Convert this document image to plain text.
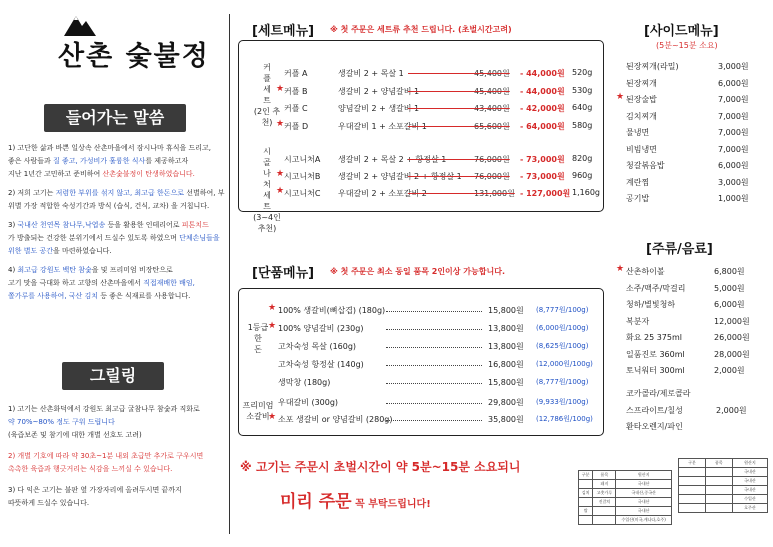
산촌 숯불정
들어가는 말씀
1) 고단한 삶과 바쁜 일상속 산촌마을에서 잠시나마 휴식을 드리고,
좋은 사람들과 질 좋고, 가성비가 훌륭한 식사를 제공하고자
지난 1년간 고민하고 준비하여 산촌숯불정이 탄생하였습니다.
2) 저희 고기는 저렴한 부위를 섞지 않고, 최고급 한돈으로 선별하여, 부
위별 가장 적합한 숙성기간과 방식 (습식, 건식, 교차) 을 거칩니다.
3) 국내산 천연목 참나무,낙엽송 등을 활용한 인테리어로 피톤치드
가 방출되는 건강한 분위기에서 드실수 있도록 하였으며 단체손님들을
위한 별도 공간을 마련하였습니다.
4) 최고급 강원도 백탄 참숯을 및 프리미엄 비장탄으로
고기 맛을 극대화 하고 고향의 산촌마을에서 직접재배한 배임,
쫄가루를 사용하여, 국산 김치 등 좋은 식재료를 사용합니다.
그릴링
1) 고기는 산촌화덕에서 강원도 최고급 굴참나무 참숯과 직화로
약 70%~80% 정도 구워 드립니다
(육즙보존 및 참기에 대한 개별 선호도 고려)
2) 개별 기호에 따라 약 30초~1분 내외 초급만 추가로 구우시면
촉촉한 육즙과 행긋거리는 식감을 느끼실 수 있습니다.
3) 다 익은 고기는 불판 옆 가장자리에 올려두시면 끝까지
따뜻하게 드실수 있습니다.
[세트메뉴] ※ 첫 주문은 세트류 추천 드립니다. (초벌시간고려)
커
플
세
트
(2인 추천)
시
골
나
처
세
트
(3~4인
추천)
커플 A	생갈비 2 + 목살 1	45,400원 - 44,000원 520g
★ 커플 B	생갈비 2 + 양념갈비 1	45,400원 - 44,000원 530g
커플 C	양념갈비 2 + 생갈비 1	43,400원 - 42,000원 640g
★ 커플 D	우대갈비 1 + 소포갈비 1	65,600원 - 64,000원 580g
시고니처A 생갈비 2 + 목살 2 + 항정살 1	76,000원 - 73,000원 820g
★ 시고니처B 생갈비 2 + 양념갈비 2 + 항정살 1 76,000원 - 73,000원 960g
★ 시고니처C 우대갈비 2 + 소포갈비 2	131,000원 - 127,000원 1,160g
[단품메뉴] ※ 첫 주문은 최소 동일 품목 2인이상 가능합니다.
1등급
한
돈
프리미엄
소갈비
★ 100% 생갈비(뼈삽겹) (180g)	15,800원 (8,777원/100g)
★ 100% 양념갈비 (230g)	13,800원 (6,000원/100g)
고차숙성 목살 (160g)	13,800원 (8,625원/100g)
고차숙성 항정살 (140g)	16,800원 (12,000원/100g)
생막창 (180g)	15,800원 (8,777원/100g)
우대갈비 (300g)	29,800원 (9,933원/100g)
★ 소포 생갈비 or 양념갈비 (280g)	35,800원 (12,786원/100g)
※ 고기는 주문시 초벌시간이 약 5분~15분 소요되니
미리 주문 꼭 부탁드립니다!
[사이드메뉴]
(5분~15분 소요)
된장찌개(라밀)	3,000원
된장찌개	6,000원
★ 된장술밥	7,000원
김치찌개	7,000원
물냉면	7,000원
비빔냉면	7,000원
청갈볶음밥	6,000원
계란찜	3,000원
공기밥	1,000원
[주류/음료]
★ 산촌하이볼	6,800원
소주/맥주/막걸리	5,000원
청하/별빛청하	6,000원
복분자	12,000원
화요 25 375ml	26,000원
일품진로 360ml	28,000원
토닉워터 300ml	2,000원
코카콜라/제로콜라
스프라이트/칠성	2,000원
환타오렌지/파인
구분	품목	원산지
	돼지	국내산
김치	고춧가루	국내산,중국산
	진갈치	국내산
쌀		국내산
		수입산(미국,캐나다,호주)
구분	품목	원산지
		국내산
		국내산
		국내산
		수입산
		호주산
